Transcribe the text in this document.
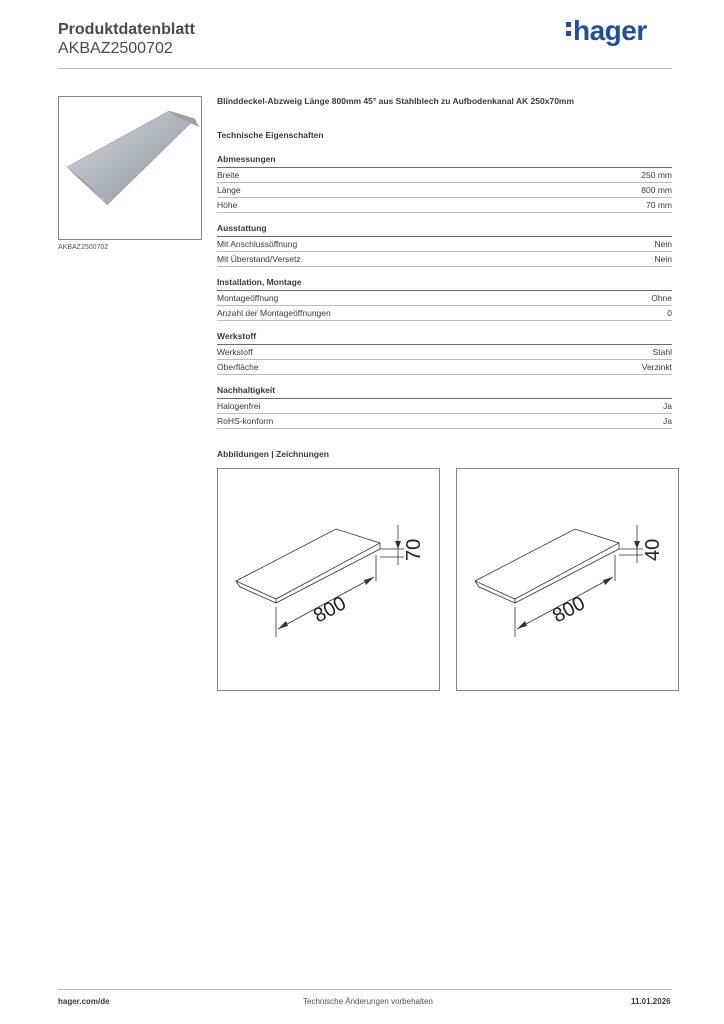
Produktdatenblatt
AKBAZ2500702
hager
AKBAZ2500702
Blinddeckel-Abzweig Länge 800mm 45° aus Stahlblech zu Aufbodenkanal AK 250x70mm
Technische Eigenschaften
Abmessungen
Breite	250 mm
Länge	800 mm
Höhe	70 mm
Ausstattung
Mit Anschlussöffnung	Nein
Mit Überstand/Versetz	Nein
Installation, Montage
Montageöffnung	Ohne
Anzahl der Montageöffnungen	0
Werkstoff
Werkstoff	Stahl
Oberfläche	Verzinkt
Nachhaltigkeit
Halogenfrei	Ja
RoHS-konform	Ja
Abbildungen | Zeichnungen
800
70
800
40
hager.com/de	Technische Änderungen vorbehalten	11.01.2026
